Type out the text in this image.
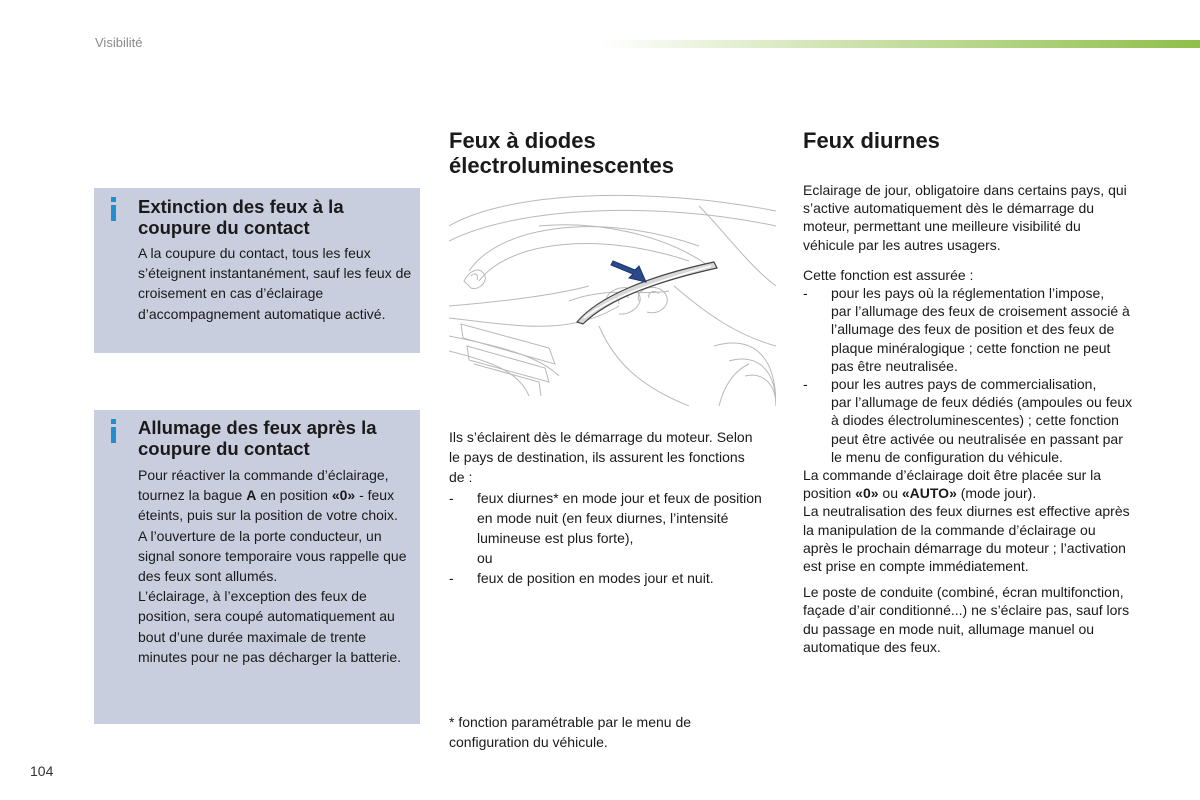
Visibilité
Extinction des feux à la coupure du contact

A la coupure du contact, tous les feux s’éteignent instantanément, sauf les feux de croisement en cas d’éclairage d’accompagnement automatique activé.

Allumage des feux après la coupure du contact

Pour réactiver la commande d’éclairage, tournez la bague A en position «0» - feux éteints, puis sur la position de votre choix.
A l’ouverture de la porte conducteur, un signal sonore temporaire vous rappelle que des feux sont allumés.
L’éclairage, à l’exception des feux de position, sera coupé automatiquement au bout d’une durée maximale de trente minutes pour ne pas décharger la batterie.

Feux à diodes électroluminescentes
Ils s’éclairent dès le démarrage du moteur. Selon le pays de destination, ils assurent les fonctions de :
- feux diurnes* en mode jour et feux de position en mode nuit (en feux diurnes, l’intensité lumineuse est plus forte),
ou
- feux de position en modes jour et nuit.
* fonction paramétrable par le menu de configuration du véhicule.
Feux diurnes
Eclairage de jour, obligatoire dans certains pays, qui s’active automatiquement dès le démarrage du moteur, permettant une meilleure visibilité du véhicule par les autres usagers.
Cette fonction est assurée :
- pour les pays où la réglementation l’impose,
par l’allumage des feux de croisement associé à l’allumage des feux de position et des feux de plaque minéralogique ; cette fonction ne peut pas être neutralisée.
- pour les autres pays de commercialisation,
par l’allumage de feux dédiés (ampoules ou feux à diodes électroluminescentes) ; cette fonction peut être activée ou neutralisée en passant par le menu de configuration du véhicule.
La commande d’éclairage doit être placée sur la position «0» ou «AUTO» (mode jour).
La neutralisation des feux diurnes est effective après la manipulation de la commande d’éclairage ou après le prochain démarrage du moteur ; l’activation est prise en compte immédiatement.
Le poste de conduite (combiné, écran multifonction, façade d’air conditionné...) ne s’éclaire pas, sauf lors du passage en mode nuit, allumage manuel ou automatique des feux.
104
